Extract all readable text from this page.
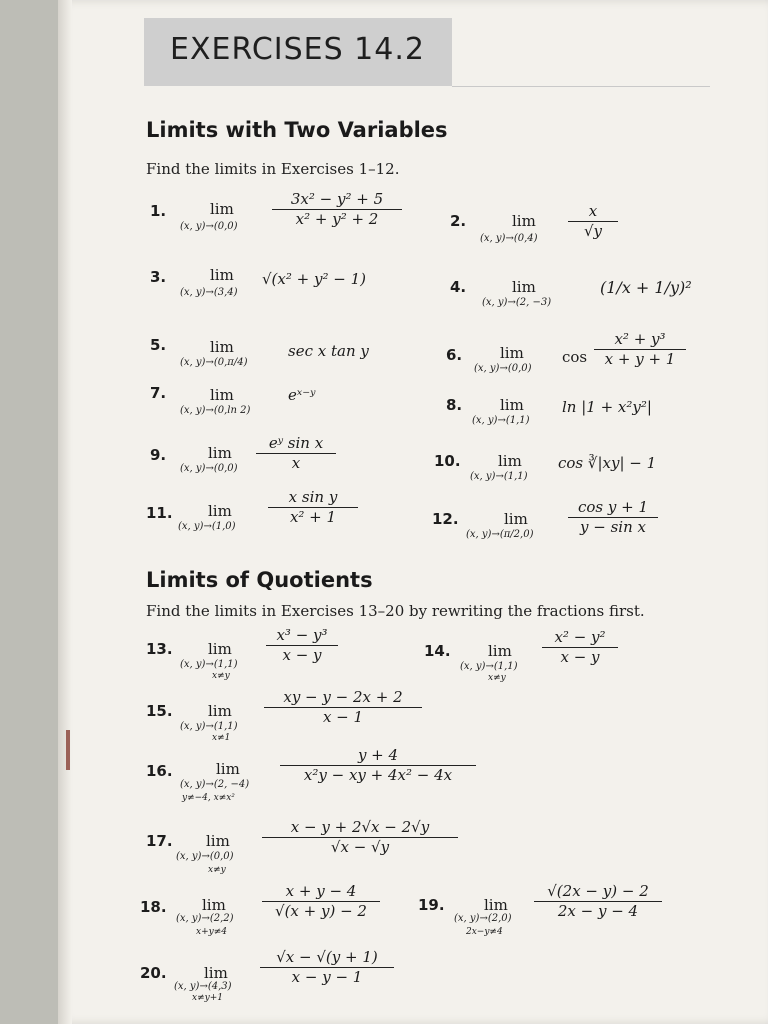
EXERCISES 14.2
Limits with Two Variables
Find the limits in Exercises 1–12.
Limits of Quotients
Find the limits in Exercises 13–20 by rewriting the fractions first.
1.	lim
(x, y)→(0,0)
3x² − y² + 5
x² + y² + 2	2.	lim
(x, y)→(0,4)
x
√y
3.	lim
(x, y)→(3,4)
√(x² + y² − 1)	4.	lim
(x, y)→(2, −3)
(1/x + 1/y)²
5.	lim
(x, y)→(0,π/4)
sec x tan y	6.	lim
(x, y)→(0,0)
cos
x² + y³
x + y + 1
7.	lim
(x, y)→(0,ln 2)
eˣ⁻ʸ
8.	lim
(x, y)→(1,1)
ln |1 + x²y²|
9.	lim
(x, y)→(0,0)
eʸ sin x
x	10. lim
(x, y)→(1,1)
cos ∛|xy| − 1
11. lim
(x, y)→(1,0)
x sin y
x² + 1	12.	lim
(x, y)→(π/2,0)
cos y + 1
y − sin x
13. lim
(x, y)→(1,1)
x≠y
x³ − y³
x − y	14. lim
(x, y)→(1,1)
x≠y
x² − y²
x − y
15. lim
(x, y)→(1,1)
x≠1
xy − y − 2x + 2
x − 1
16.	lim
(x, y)→(2, −4)
y≠−4, x≠x²
y + 4
x²y − xy + 4x² − 4x
17. lim
(x, y)→(0,0)
x≠y
x − y + 2√x − 2√y
√x − √y
18. lim
(x, y)→(2,2)
x+y≠4
x + y − 4
√(x + y) − 2	19.	lim
(x, y)→(2,0)
2x−y≠4
√(2x − y) − 2
2x − y − 4
20. lim
(x, y)→(4,3)
x≠y+1
√x − √(y + 1)
x − y − 1
